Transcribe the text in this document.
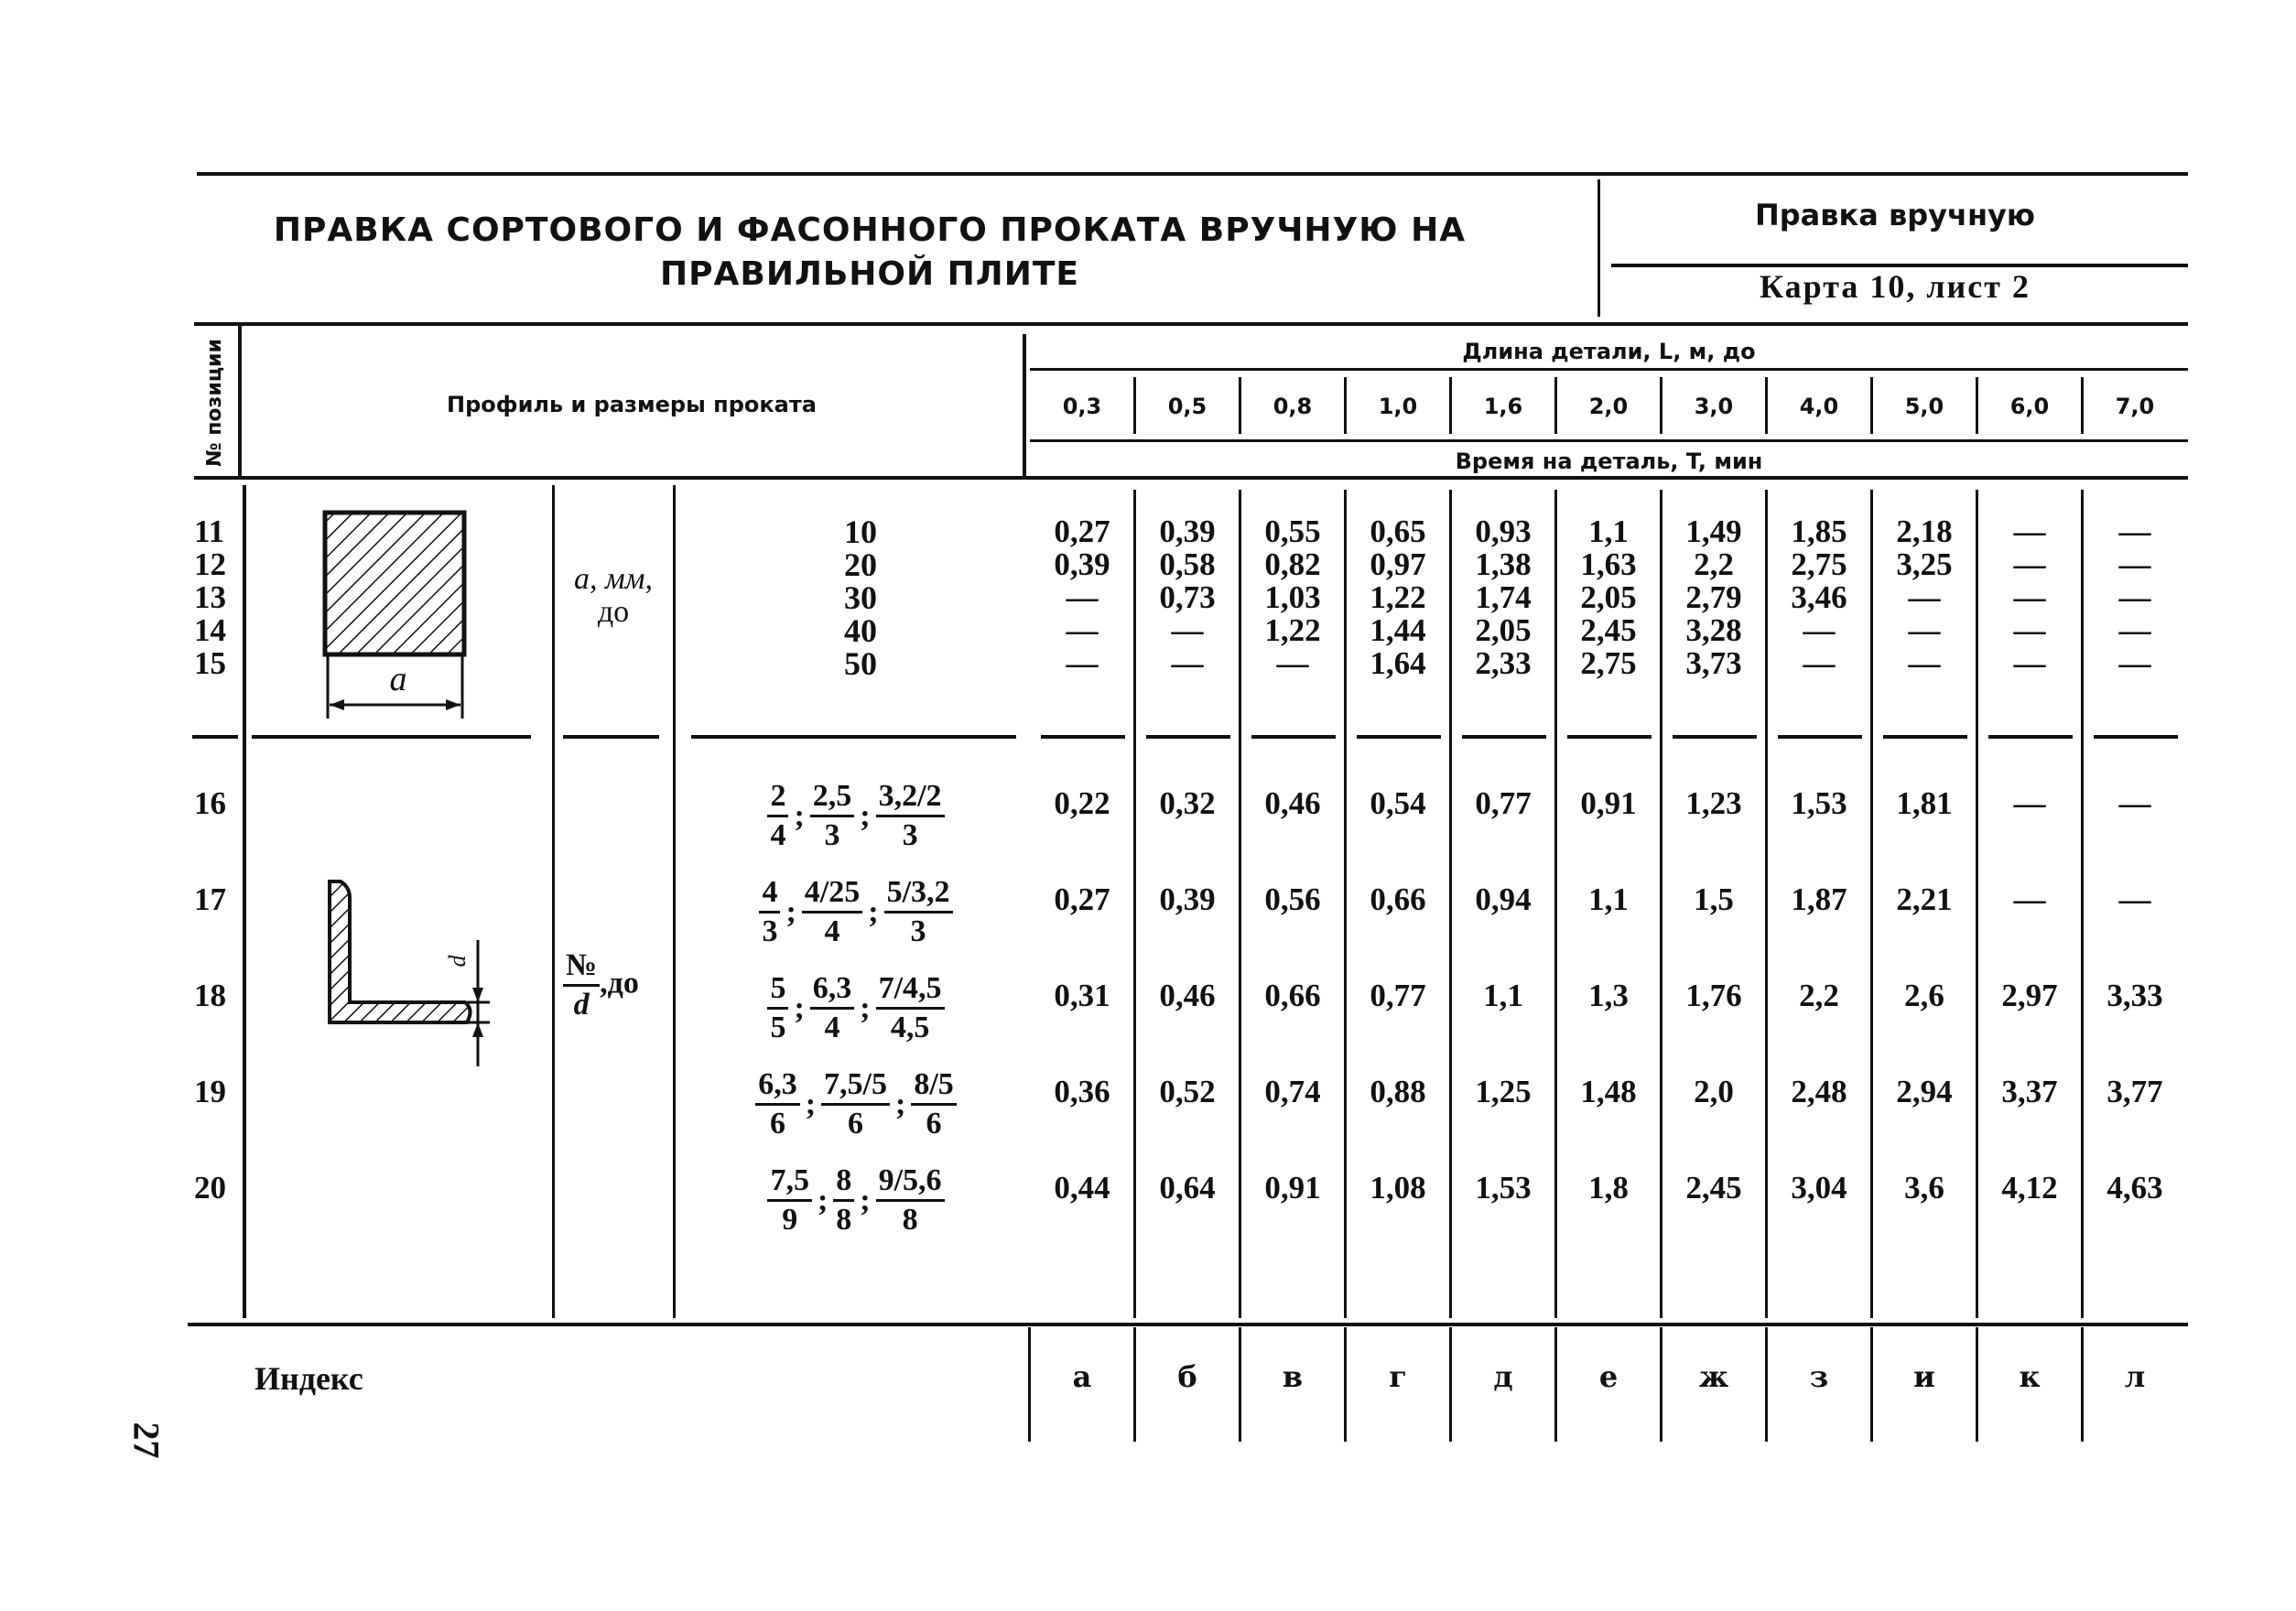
ПРАВКА СОРТОВОГО И ФАСОННОГО ПРОКАТА ВРУЧНУЮ НА ПРАВИЛЬНОЙ ПЛИТЕ
Правка вручную
Карта 10, лист 2
№ позиции	Профиль и размеры проката
Длина детали, L, м, до
Время на деталь, T, мин
a
a, мм,
до
d	$\frac{№}{d} ,до$
Индекс
27
0,3	0,5	0,8	1,0	1,6	2,0	3,0	4,0	5,0	6,0	7,0
11	10	0,27	0,39	0,55	0,65	0,93	1,1	1,49	1,85	2,18	—	—
12	20	0,39	0,58	0,82	0,97	1,38	1,63	2,2	2,75	3,25	—	—
13	30	—	0,73	1,03	1,22	1,74	2,05	2,79	3,46	—	—	—
14	40	—	—	1,22	1,44	2,05	2,45	3,28	—	—	—	—
15	50	—	—	—	1,64	2,33	2,75	3,73	—	—	—	—
16	$\frac{2}{4}$ ; $\frac{2,5}{3}$ ; $\frac{3,2/2}{3}$	0,22	0,32	0,46	0,54	0,77	0,91	1,23	1,53	1,81	—	—
17	$\frac{4}{3}$ ; $\frac{4/25}{4}$ ; $\frac{5/3,2}{3}$	0,27	0,39	0,56	0,66	0,94	1,1	1,5	1,87	2,21	—	—
18	$\frac{5}{5}$ ; $\frac{6,3}{4}$ ; $\frac{7/4,5}{4,5}$	0,31	0,46	0,66	0,77	1,1	1,3	1,76	2,2	2,6	2,97	3,33
19	$\frac{6,3}{6}$ ; $\frac{7,5/5}{6}$ ; $\frac{8/5}{6}$	0,36	0,52	0,74	0,88	1,25	1,48	2,0	2,48	2,94	3,37	3,77
20	$\frac{7,5}{9}$ ; $\frac{8}{8}$ ; $\frac{9/5,6}{8}$	0,44	0,64	0,91	1,08	1,53	1,8	2,45	3,04	3,6	4,12	4,63
а	б	в	г	д	е	ж	з	и	к	л
